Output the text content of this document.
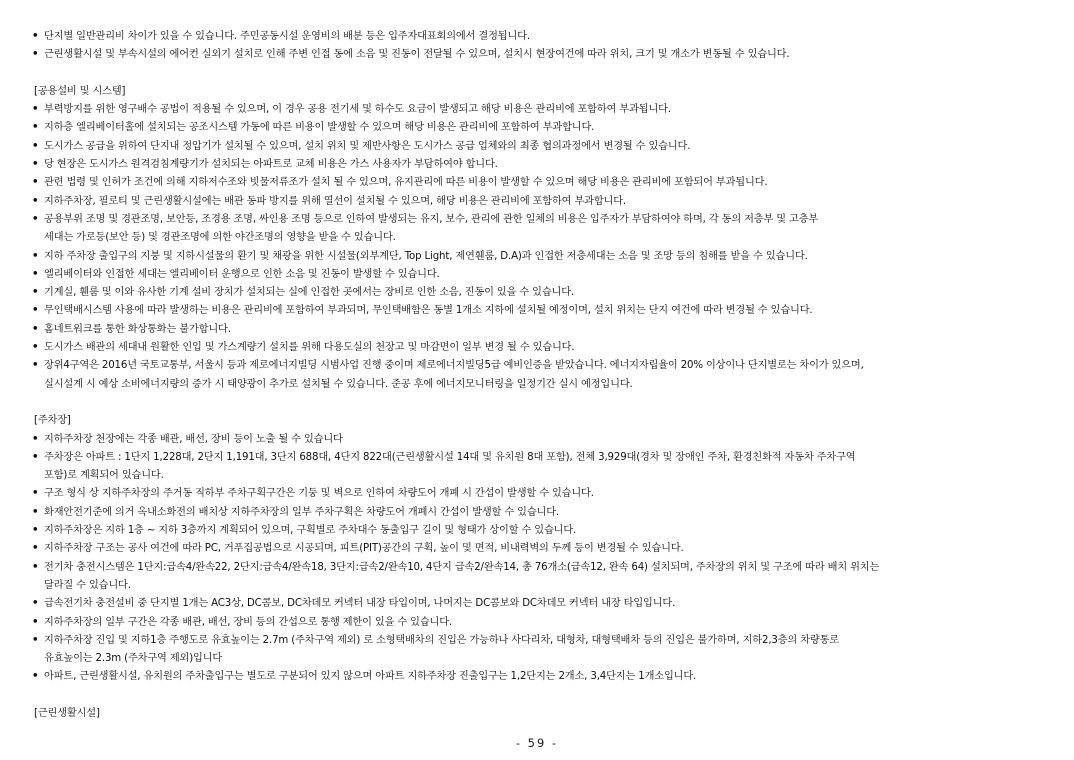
• 단지별 일반관리비 차이가 있을 수 있습니다. 주민공동시설 운영비의 배분 등은 입주자대표회의에서 결정됩니다.
• 근린생활시설 및 부속시설의 에어컨 실외기 설치로 인해 주변 인접 동에 소음 및 진동이 전달될 수 있으며, 설치시 현장여건에 따라 위치, 크기 및 개소가 변동될 수 있습니다.
[공용설비 및 시스템]
• 부력방지를 위한 영구배수 공법이 적용될 수 있으며, 이 경우 공용 전기세 및 하수도 요금이 발생되고 해당 비용은 관리비에 포함하여 부과됩니다.
• 지하층 엘리베이터홀에 설치되는 공조시스템 가동에 따른 비용이 발생할 수 있으며 해당 비용은 관리비에 포함하여 부과합니다.
• 도시가스 공급을 위하여 단지내 정압기가 설치될 수 있으며, 설치 위치 및 제반사항은 도시가스 공급 업체와의 최종 협의과정에서 변경될 수 있습니다.
• 당 현장은 도시가스 원격검침계량기가 설치되는 아파트로 교체 비용은 가스 사용자가 부담하여야 합니다.
• 관련 법령 및 인허가 조건에 의해 지하저수조와 빗물저류조가 설치 될 수 있으며, 유지관리에 따른 비용이 발생할 수 있으며 해당 비용은 관리비에 포함되어 부과됩니다.
• 지하주차장, 필로티 및 근린생활시설에는 배관 동파 방지를 위해 열선이 설치될 수 있으며, 해당 비용은 관리비에 포함하여 부과합니다.
• 공용부위 조명 및 경관조명, 보안등, 조경용 조명, 싸인용 조명 등으로 인하여 발생되는 유지, 보수, 관리에 관한 일체의 비용은 입주자가 부담하여야 하며, 각 동의 저층부 및 고층부
세대는 가로등(보안 등) 및 경관조명에 의한 야간조명의 영향을 받을 수 있습니다.
• 지하 주차장 출입구의 지붕 및 지하시설물의 환기 및 채광을 위한 시설물(외부계단, Top Light, 제연휀룸, D.A)과 인접한 저층세대는 소음 및 조망 등의 침해를 받을 수 있습니다.
• 엘리베이터와 인접한 세대는 엘리베이터 운행으로 인한 소음 및 진동이 발생할 수 있습니다.
• 기계실, 휀룸 및 이와 유사한 기계 설비 장치가 설치되는 실에 인접한 곳에서는 장비로 인한 소음, 진동이 있을 수 있습니다.
• 무인택배시스템 사용에 따라 발생하는 비용은 관리비에 포함하여 부과되며, 무인택배함은 동별 1개소 지하에 설치될 예정이며, 설치 위치는 단지 여건에 따라 변경될 수 있습니다.
• 홈네트워크를 통한 화상통화는 불가합니다.
• 도시가스 배관의 세대내 원활한 인입 및 가스계량기 설치를 위해 다용도실의 천장고 및 마감면이 일부 변경 될 수 있습니다.
• 장위4구역은 2016년 국토교통부, 서울시 등과 제로에너지빌딩 시범사업 진행 중이며 제로에너지빌딩5급 예비인증을 받았습니다. 에너지자립율이 20% 이상이나 단지별로는 차이가 있으며,
실시설계 시 예상 소비에너지량의 증가 시 태양광이 추가로 설치될 수 있습니다. 준공 후에 에너지모니터링을 일정기간 실시 예정입니다.
[주차장]
• 지하주차장 천장에는 각종 배관, 배선, 장비 등이 노출 될 수 있습니다
• 주차장은 아파트 : 1단지 1,228대, 2단지 1,191대, 3단지 688대, 4단지 822대(근린생활시설 14대 및 유치원 8대 포함), 전체 3,929대(경차 및 장애인 주차, 환경친화적 자동차 주차구역
포함)로 계획되어 있습니다.
• 구조 형식 상 지하주차장의 주거동 직하부 주차구획구간은 기둥 및 벽으로 인하여 차량도어 개폐 시 간섭이 발생할 수 있습니다.
• 화재안전기준에 의거 옥내소화전의 배치상 지하주차장의 일부 주차구획은 차량도어 개폐시 간섭이 발생할 수 있습니다.
• 지하주차장은 지하 1층 ~ 지하 3층까지 계획되어 있으며, 구획별로 주차대수 동출입구 길이 및 형태가 상이할 수 있습니다.
• 지하주차장 구조는 공사 여건에 따라 PC, 거푸집공법으로 시공되며, 피트(PIT)공간의 구획, 높이 및 면적, 비내력벽의 두께 등이 변경될 수 있습니다.
• 전기차 충전시스템은 1단지:급속4/완속22, 2단지:급속4/완속18, 3단지:급속2/완속10, 4단지 급속2/완속14, 총 76개소(급속12, 완속 64) 설치되며, 주차장의 위치 및 구조에 따라 배치 위치는
달라질 수 있습니다.
• 급속전기차 충전설비 중 단지별 1개는 AC3상, DC콤보, DC차데모 커넥터 내장 타입이며, 나머지는 DC콤보와 DC차데모 커넥터 내장 타입입니다.
• 지하주차장의 일부 구간은 각종 배관, 배선, 장비 등의 간섭으로 통행 제한이 있을 수 있습니다.
• 지하주차장 진입 및 지하1층 주행도로 유효높이는 2.7m (주차구역 제외) 로 소형택배차의 진입은 가능하나 사다리차, 대형차, 대형택배차 등의 진입은 불가하며, 지하2,3층의 차량통로
유효높이는 2.3m (주차구역 제외)입니다
• 아파트, 근린생활시설, 유치원의 주차출입구는 별도로 구분되어 있지 않으며 아파트 지하주차장 진출입구는 1,2단지는 2개소, 3,4단지는 1개소입니다.
[근린생활시설]
- 59 -
